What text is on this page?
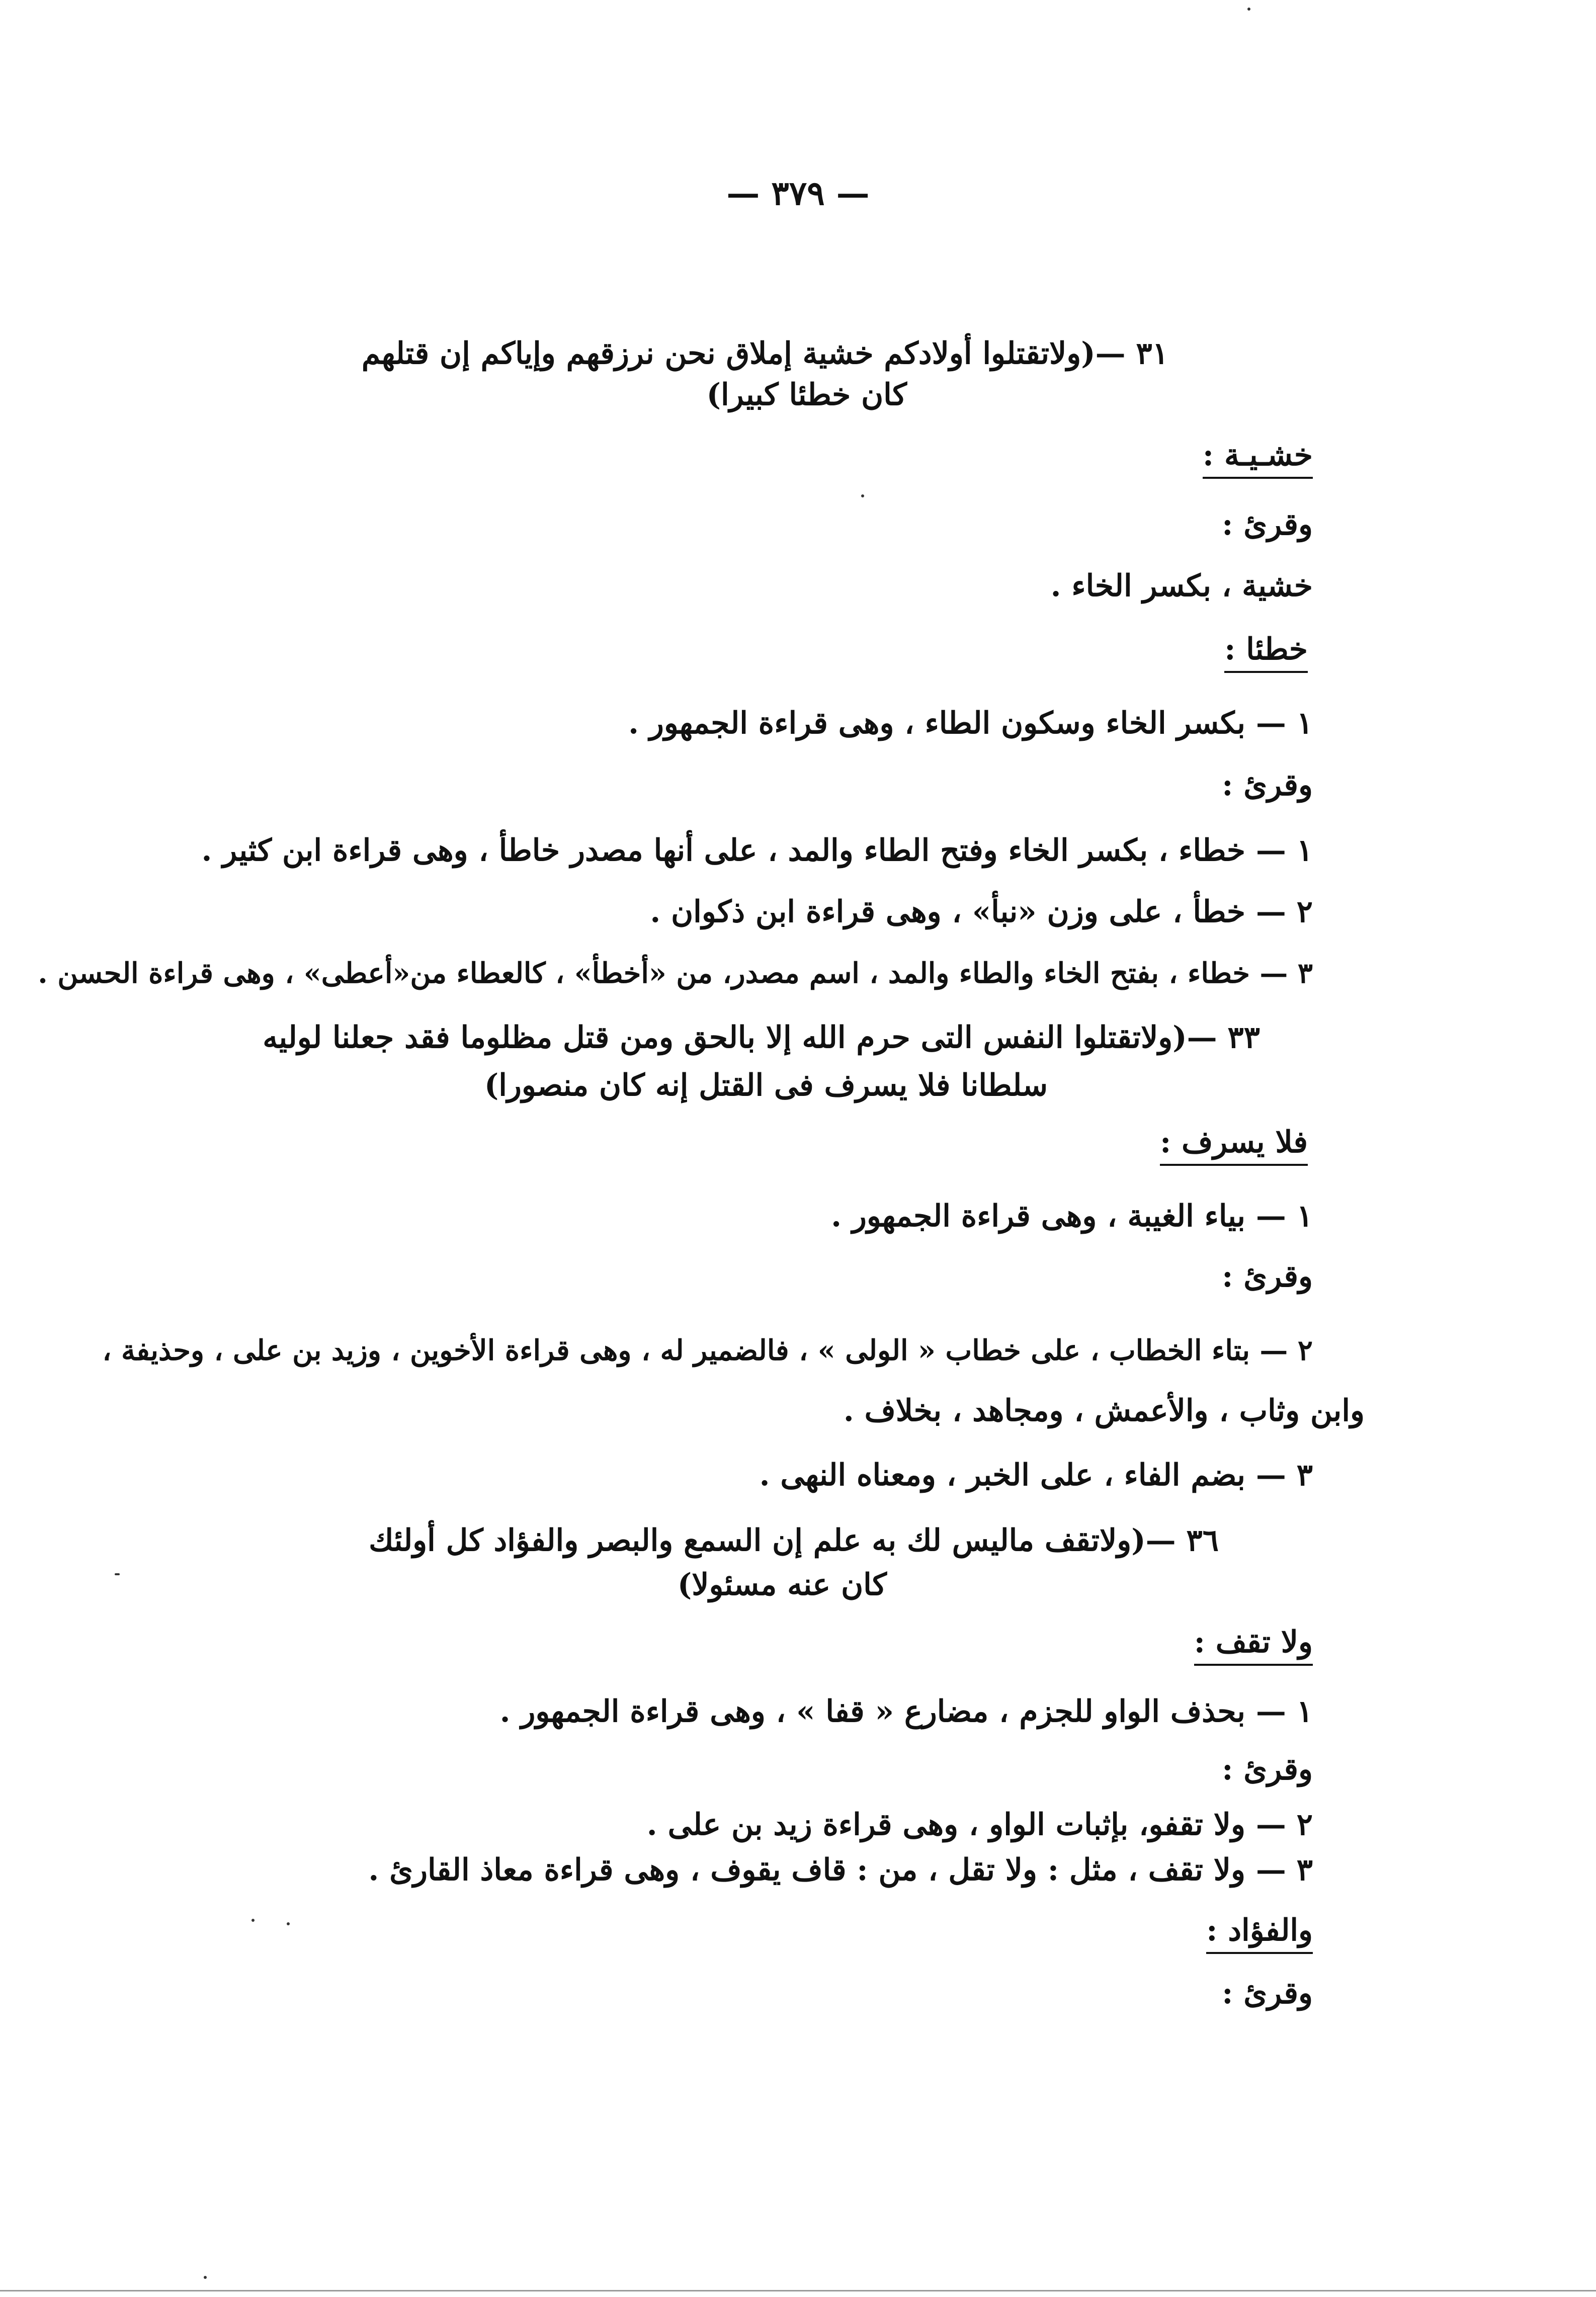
— ٣٧٩ —
٣١ —(ولاتقتلوا أولادكم خشية إملاق نحن نرزقهم وإياكم إن قتلهم
كان خطئا كبيرا)
خشـيـة :
وقرئ :
خشية ، بكسر الخاء .
خطئا :
١ — بكسر الخاء وسكون الطاء ، وهى قراءة الجمهور .
وقرئ :
١ — خطاء ، بكسر الخاء وفتح الطاء والمد ، على أنها مصدر خاطأ ، وهى قراءة ابن كثير .
٢ — خطأ ، على وزن «نبأ» ، وهى قراءة ابن ذكوان .
٣ — خطاء ، بفتح الخاء والطاء والمد ، اسم مصدر، من «أخطأ» ، كالعطاء من«أعطى» ، وهى قراءة الحسن .
٣٣ —(ولاتقتلوا النفس التى حرم الله إلا بالحق ومن قتل مظلوما فقد جعلنا لوليه
سلطانا فلا يسرف فى القتل إنه كان منصورا)
فلا يسرف :
١ — بياء الغيبة ، وهى قراءة الجمهور .
وقرئ :
٢ — بتاء الخطاب ، على خطاب « الولى » ، فالضمير له ، وهى قراءة الأخوين ، وزيد بن على ، وحذيفة ،
وابن وثاب ، والأعمش ، ومجاهد ، بخلاف .
٣ — بضم الفاء ، على الخبر ، ومعناه النهى .
٣٦ —(ولاتقف ماليس لك به علم إن السمع والبصر والفؤاد كل أولئك
كان عنه مسئولا)
ولا تقف :
١ — بحذف الواو للجزم ، مضارع « قفا » ، وهى قراءة الجمهور .
وقرئ :
٢ — ولا تقفو، بإثبات الواو ، وهى قراءة زيد بن على .
٣ — ولا تقف ، مثل : ولا تقل ، من : قاف يقوف ، وهى قراءة معاذ القارئ .
والفؤاد :
وقرئ :
